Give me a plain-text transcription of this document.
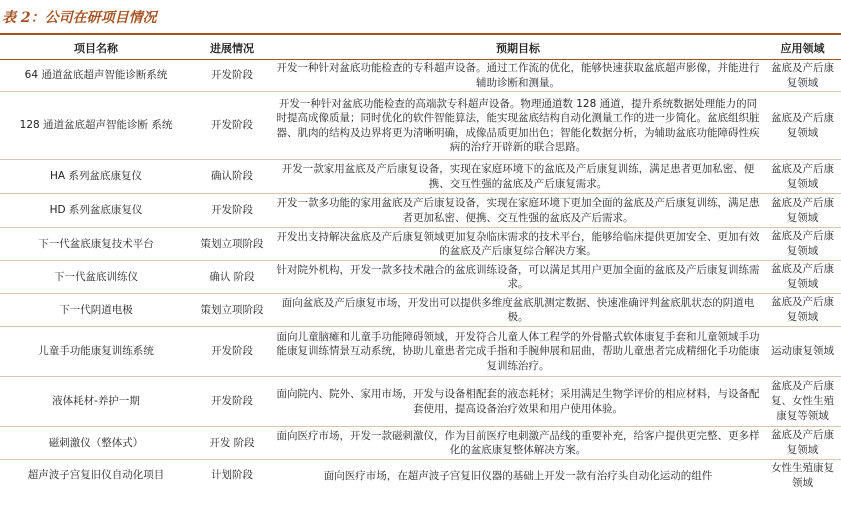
表 2：公司在研项目情况
项目名称	进展情况	预期目标	应用领域
64 通道盆底超声智能诊断系统	开发阶段	开发一种针对盆底功能检查的专科超声设备。通过工作流的优化，能够快速获取盆底超声影像，并能进行辅助诊断和测量。	盆底及产后康复领域
128 通道盆底超声智能诊断 系统	开发阶段	开发一种针对盆底功能检查的高端款专科超声设备。物理通道数 128 通道，提升系统数据处理能力的同时提高成像质量；同时优化的软件智能算法，能实现盆底结构自动化测量工作的进一步简化。盆底组织脏器、肌肉的结构及边界将更为清晰明确，成像品质更加出色；智能化数据分析，为辅助盆底功能障碍性疾病的治疗开辟新的联合思路。	盆底及产后康复领域
HA 系列盆底康复仪	确认阶段	开发一款家用盆底及产后康复设备，实现在家庭环境下的盆底及产后康复训练，满足患者更加私密、便携、交互性强的盆底及产后康复需求。	盆底及产后康复领域
HD 系列盆底康复仪	开发阶段	开发一款多功能的家用盆底及产后康复设备，实现在家庭环境下更加全面的盆底及产后康复训练，满足患者更加私密、便携、交互性强的盆底及产后需求。	盆底及产后康复领域
下一代盆底康复技术平台	策划立项阶段	开发出支持解决盆底及产后康复领域更加复杂临床需求的技术平台，能够给临床提供更加安全、更加有效的盆底及产后康复综合解决方案。	盆底及产后康复领域
下一代盆底训练仪	确认 阶段	针对院外机构，开发一款多技术融合的盆底训练设备，可以满足其用户更加全面的盆底及产后康复训练需求。	盆底及产后康复领域
下一代阴道电极	策划立项阶段	面向盆底及产后康复市场，开发出可以提供多维度盆底肌测定数据、快速准确评判盆底肌状态的阴道电极。	盆底及产后康复领域
儿童手功能康复训练系统	开发阶段	面向儿童脑瘫和儿童手功能障碍领域，开发符合儿童人体工程学的外骨骼式软体康复手套和儿童领域手功能康复训练情景互动系统，协助儿童患者完成手指和手腕伸展和屈曲，帮助儿童患者完成精细化手功能康复训练治疗。	运动康复领域
液体耗材-养护一期	开发阶段	面向院内、院外、家用市场，开发与设备相配套的液态耗材；采用满足生物学评价的相应材料，与设备配套使用，提高设备治疗效果和用户使用体验。	盆底及产后康复、女性生殖康复等领域
磁刺激仪（整体式）	开发 阶段	面向医疗市场，开发一款磁刺激仪，作为目前医疗电刺激产品线的重要补充，给客户提供更完整、更多样化的盆底康复整体解决方案。	盆底及产后康复领域
超声波子宫复旧仪自动化项目	计划阶段	面向医疗市场，在超声波子宫复旧仪器的基础上开发一款有治疗头自动化运动的组件	女性生殖康复领域
